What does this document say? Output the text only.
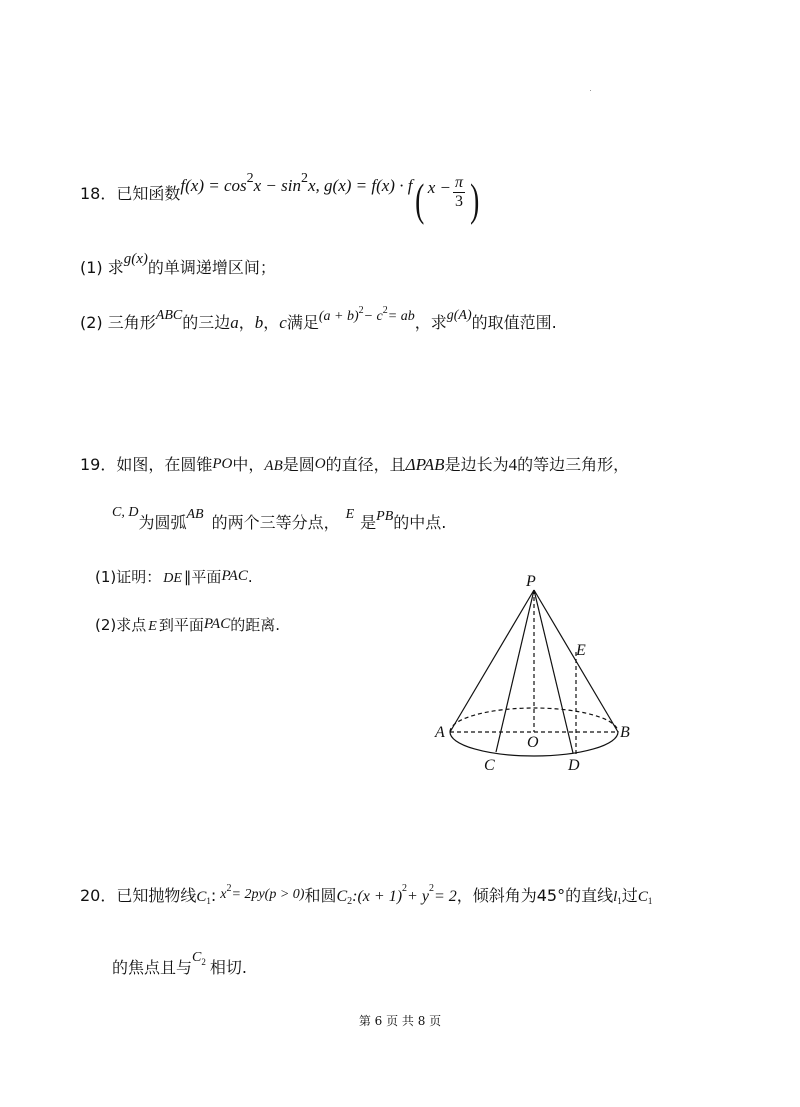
18． 已知函数 f(x) = cos 2 x − sin 2 x, g(x) = f(x) · f ( $x - \frac{\pi}{3}$ )
(1) 求 g(x) 的单调递增区间；
(2) 三角形 ABC 的三边 a ， b ， c 满足 (a + b) 2 − c 2 = ab ，求 g(A) 的取值范围.
19． 如图，在圆锥 PO 中， AB 是圆 O 的直径，且 ΔPAB 是边长为 4 的等边三角形，
C, D
为圆弧 AB 的两个三等分点， E 是 PB 的中点.
(1)证明： DE ∥平面 PAC .
(2)求点 E 到平面 PAC 的距离.
P
E
A
O
B
C	D
20． 已知抛物线 C 1 : x 2 = 2py(p > 0) 和圆 C 2 :(x + 1) 2 + y 2 = 2 ，倾斜角为 45° 的直线 l 1 过 C 1
的焦点且与
C 2 相切.
第 6 页 共 8 页
